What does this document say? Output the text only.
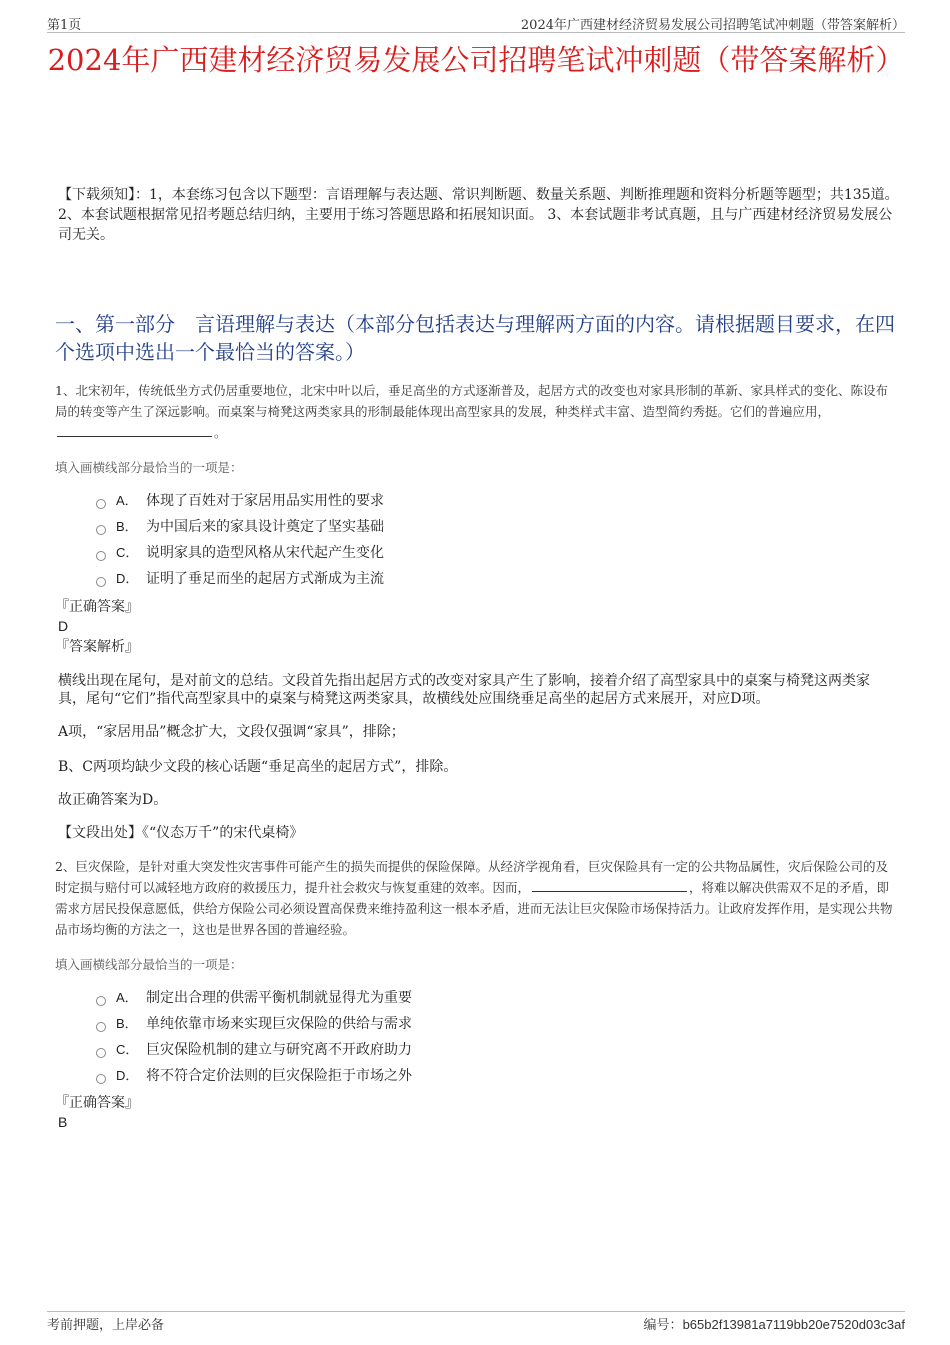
第1页	2024年广西建材经济贸易发展公司招聘笔试冲刺题（带答案解析）
2024年广西建材经济贸易发展公司招聘笔试冲刺题（带答案解析）
【下载须知】：1，本套练习包含以下题型：言语理解与表达题、常识判断题、数量关系题、判断推理题和资料分析题等题型；共135道。 2、本套试题根据常见招考题总结归纳，主要用于练习答题思路和拓展知识面。 3、本套试题非考试真题，且与广西建材经济贸易发展公司无关。
一、第一部分　言语理解与表达（本部分包括表达与理解两方面的内容。请根据题目要求，在四个选项中选出一个最恰当的答案。）
1、北宋初年，传统低坐方式仍居重要地位，北宋中叶以后，垂足高坐的方式逐渐普及，起居方式的改变也对家具形制的革新、家具样式的变化、陈设布局的转变等产生了深远影响。而桌案与椅凳这两类家具的形制最能体现出高型家具的发展，种类样式丰富、造型简约秀挺。它们的普遍应用，。
填入画横线部分最恰当的一项是：
A． 体现了百姓对于家居用品实用性的要求
B． 为中国后来的家具设计奠定了坚实基础
C． 说明家具的造型风格从宋代起产生变化
D． 证明了垂足而坐的起居方式渐成为主流
『正确答案』
D
『答案解析』
横线出现在尾句，是对前文的总结。文段首先指出起居方式的改变对家具产生了影响，接着介绍了高型家具中的桌案与椅凳这两类家具，尾句“它们”指代高型家具中的桌案与椅凳这两类家具，故横线处应围绕垂足高坐的起居方式来展开，对应D项。
A项，“家居用品”概念扩大，文段仅强调“家具”，排除；
B、C两项均缺少文段的核心话题“垂足高坐的起居方式”，排除。
故正确答案为D。
【文段出处】《“仪态万千”的宋代桌椅》
2、巨灾保险，是针对重大突发性灾害事件可能产生的损失而提供的保险保障。从经济学视角看，巨灾保险具有一定的公共物品属性，灾后保险公司的及时定损与赔付可以减轻地方政府的救援压力，提升社会救灾与恢复重建的效率。因而，	，将难以解决供需双不足的矛盾，即需求方居民投保意愿低，供给方保险公司必须设置高保费来维持盈利这一根本矛盾，进而无法让巨灾保险市场保持活力。让政府发挥作用，是实现公共物品市场均衡的方法之一，这也是世界各国的普遍经验。
填入画横线部分最恰当的一项是：
A． 制定出合理的供需平衡机制就显得尤为重要
B． 单纯依靠市场来实现巨灾保险的供给与需求
C． 巨灾保险机制的建立与研究离不开政府助力
D． 将不符合定价法则的巨灾保险拒于市场之外
『正确答案』
B
考前押题，上岸必备	编号：b65b2f13981a7119bb20e7520d03c3af
